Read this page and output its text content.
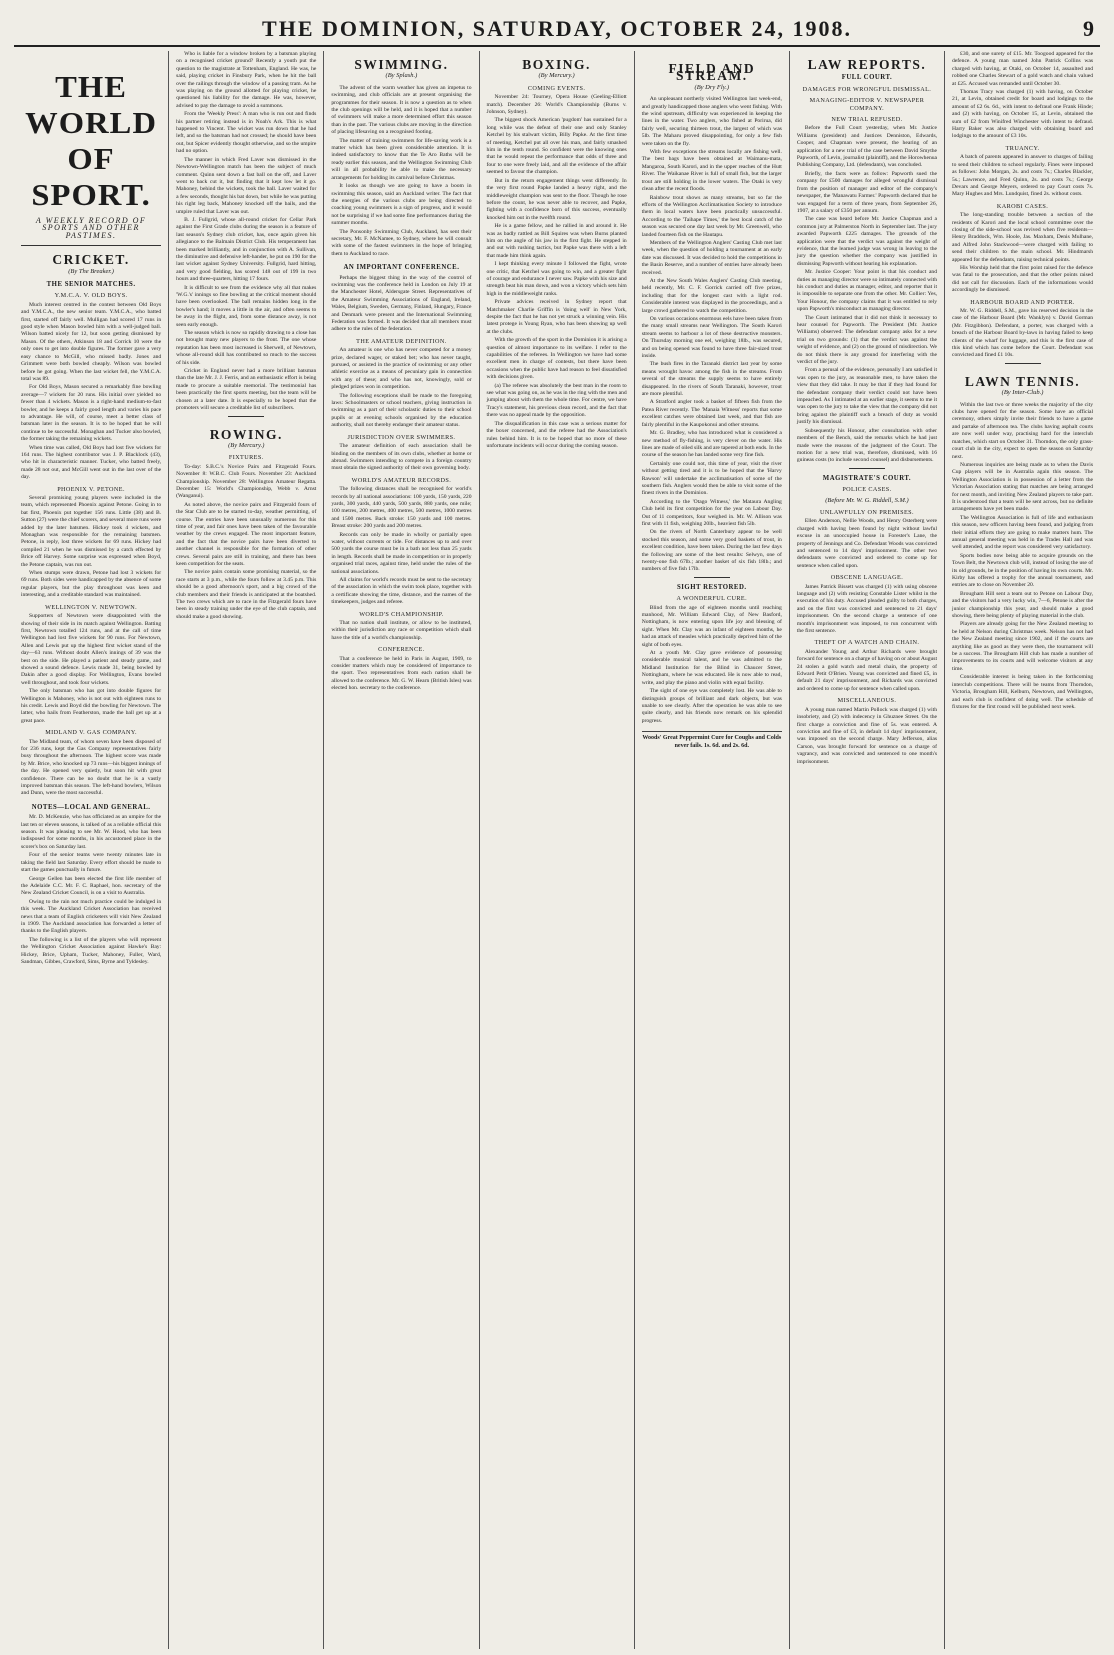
THE DOMINION, SATURDAY, OCTOBER 24, 1908.	9
THE WORLD OF SPORT.
A WEEKLY RECORD OF SPORTS AND OTHER PASTIMES.
CRICKET.
(By The Breaker.)
THE SENIOR MATCHES.
Y.M.C.A. V. OLD BOYS.

Much interest centred in the contest between Old Boys and Y.M.C.A., the new senior team. Y.M.C.A., who batted first, started off fairly well. Mulligan had scored 17 runs in good style when Mason bowled him with a well-judged ball. Wilson batted nicely for 12, but soon getting dismissed by Mason. Of the others, Atkinson 18 and Corrick 10 were the only ones to get into double figures. The former gave a very easy chance to McGill, who missed badly. Jones and Grimmett were both bowled cheaply. Wilson was bowled before he got going. When the last wicket fell, the Y.M.C.A. total was 89.

For Old Boys, Mason secured a remarkably fine bowling average—7 wickets for 20 runs. His initial over yielded no fewer than 4 wickets. Mason is a right-hand medium-to-fast bowler, and he keeps a fairly good length and varies his pace to advantage. He will, of course, meet a better class of batsman later in the season. It is to be hoped that he will continue to be successful. Monaghan and Tucker also bowled, the former taking the remaining wickets.

When time was called, Old Boys had lost five wickets for 164 runs. The highest contributor was J. P. Blacklock (43), who hit in characteristic manner. Tucker, who batted freely, made 28 not out, and McGill went out in the last over of the day.

PHOENIX V. PETONE.

Several promising young players were included in the team, which represented Phoenix against Petone. Going in to bat first, Phoenix put together 156 runs. Little (38) and B. Sutton (27) were the chief scorers, and several more runs were added by the later batsmen. Hickey took 4 wickets, and Monaghan was responsible for the remaining batsmen. Petone, in reply, lost three wickets for 69 runs. Hickey had compiled 21 when he was dismissed by a catch effected by Brice off Harvey. Some surprise was expressed when Boyd, the Petone captain, was run out.

When stumps were drawn, Petone had lost 3 wickets for 69 runs. Both sides were handicapped by the absence of some regular players, but the play throughout was keen and interesting, and a creditable standard was maintained.

WELLINGTON V. NEWTOWN.

Supporters of Newtown were disappointed with the showing of their side in its match against Wellington. Batting first, Newtown totalled 124 runs, and at the call of time Wellington had lost five wickets for 90 runs. For Newtown, Allen and Lewis put up the highest first wicket stand of the day—63 runs. Without doubt Allen's innings of 39 was the best on the side. He played a patient and steady game, and showed a sound defence. Lewis made 31, being bowled by Dakin after a good display. For Wellington, Evans bowled well throughout, and took four wickets.

The only batsman who has got into double figures for Wellington is Mahoney, who is not out with eighteen runs to his credit. Lewis and Boyd did the bowling for Newtown. The latter, who hails from Featherston, made the ball get up at a great pace.

MIDLAND V. GAS COMPANY.

The Midland team, of whom seven have been disposed of for 236 runs, kept the Gas Company representatives fairly busy throughout the afternoon. The highest score was made by Mr. Brice, who knocked up 73 runs—his biggest innings of the day. He opened very quietly, but soon hit with great confidence. There can be no doubt that he is a vastly improved batsman this season. The left-hand bowlers, Wilson and Dunn, were the most successful.

NOTES—LOCAL AND GENERAL.

Mr. D. McKenzie, who has officiated as an umpire for the last ten or eleven seasons, is talked of as a reliable official this season. It was pleasing to see Mr. W. Hood, who has been indisposed for some months, in his accustomed place in the scorer's box on Saturday last.

Four of the senior teams were twenty minutes late in taking the field last Saturday. Every effort should be made to start the games punctually in future.

George Gellen has been elected the first life member of the Adelaide C.C. Mr. F. C. Raphael, hon. secretary of the New Zealand Cricket Council, is on a visit to Australia.

Owing to the rain not much practice could be indulged in this week. The Auckland Cricket Association has received news that a team of English cricketers will visit New Zealand in 1909. The Auckland association has forwarded a letter of thanks to the English players.

The following is a list of the players who will represent the Wellington Cricket Association against Hawke's Bay: Hickey, Brice, Upham, Tucker, Mahoney, Fuller, Ward, Sandman, Gibbes, Crawford, Sims, Byrne and Tyldesley.

Who is liable for a window broken by a batsman playing on a recognised cricket ground? Recently a youth put the question to the magistrate at Tottenham, England. He was, he said, playing cricket in Finsbury Park, when he hit the ball over the railings through the window of a passing tram. As he was playing on the ground allotted for playing cricket, he questioned his liability for the damage. He was, however, advised to pay the damage to avoid a summons.

From the 'Weekly Press': A man who is run out and finds his partner retiring instead is in Noah's Ark. This is what happened to Vincent. The wicket was run down that he had left, and so the batsman had not crossed; he should have been out, but Spicer evidently thought otherwise, and so the umpire had no option.

The manner in which Fred Laver was dismissed in the Newtown-Wellington match has been the subject of much comment. Quinn sent down a fast ball on the off, and Laver went to back cut it, but finding that it kept low let it go. Mahoney, behind the wickets, took the ball. Laver waited for a few seconds, thought his bat down, but while he was putting his right leg back, Mahoney knocked off the bails, and the umpire ruled that Laver was out.

B. J. Fullgrid, whose all-round cricket for Cellar Park against the First Grade clubs during the season is a feature of last season's Sydney club cricket, has, once again given his allegiance to the Balmain District Club. His temperament has been marked brilliantly, and in conjunction with A. Sullivan, the diminutive and defensive left-hander, he put on 190 for the last wicket against Sydney University. Fullgrid, hard hitting, and very good fielding, has scored 148 out of 199 in two hours and three-quarters, hitting 17 fours.

It is difficult to see from the evidence why all that makes 'W.G.'s' innings so fine bowling at the critical moment should have been overlooked. The ball remains hidden long in the bowler's hand; it moves a little in the air, and often seems to be away in the flight, and, from some distance away, is not seen early enough.

The season which is now so rapidly drawing to a close has not brought many new players to the front. The one whose reputation has been most increased is Sherwell, of Newtown, whose all-round skill has contributed so much to the success of his side.

Cricket in England never had a more brilliant batsman than the late Mr. J. J. Ferris, and an enthusiastic effort is being made to procure a suitable memorial. The testimonial has been practically the first sports meeting, but the team will be chosen at a later date. It is especially to be hoped that the promoters will secure a creditable list of subscribers.

ROWING.
(By Mercury.)
FIXTURES.

To-day: S.B.C.'s Novice Pairs and Fitzgerald Fours. November 8: W.B.C. Club Fours. November 23: Auckland Championship. November 28: Wellington Amateur Regatta. December 15: World's Championship, Webb v. Arnst (Wanganui).

As noted above, the novice pairs and Fitzgerald fours of the Star Club are to be started to-day, weather permitting, of course. The entries have been unusually numerous for this time of year, and fair ones have been taken of the favourable weather by the crews engaged. The most important feature, and the fact that the novice pairs have been diverted to another channel is responsible for the formation of other crews. Several pairs are still in training, and there has been keen competition for the seats.

The novice pairs contain some promising material, so the race starts at 3 p.m., while the fours follow at 3.45 p.m. This should be a good afternoon's sport, and a big crowd of the club members and their friends is anticipated at the boatshed. The two crews which are to race in the Fitzgerald fours have been in steady training under the eye of the club captain, and should make a good showing.

SWIMMING.
(By Splash.)

The advent of the warm weather has given an impetus to swimming, and club officials are at present organising the programmes for their season. It is now a question as to when the club openings will be held, and it is hoped that a number of swimmers will make a more determined effort this season than in the past. The various clubs are moving in the direction of placing lifesaving on a recognised footing.

The matter of training swimmers for life-saving work is a matter which has been given considerable attention. It is indeed satisfactory to know that the Te Aro Baths will be ready earlier this season, and the Wellington Swimming Club will in all probability be able to make the necessary arrangements for holding its carnival before Christmas.

It looks as though we are going to have a boom in swimming this season, said an Auckland writer. The fact that the energies of the various clubs are being directed to coaching young swimmers is a sign of progress, and it would not be surprising if we had some fine performances during the summer months.

The Ponsonby Swimming Club, Auckland, has sent their secretary, Mr. F. McNamee, to Sydney, where he will consult with some of the fastest swimmers in the hope of bringing them to Auckland to race.

AN IMPORTANT CONFERENCE.

Perhaps the biggest thing in the way of the control of swimming was the conference held in London on July 19 at the Manchester Hotel, Aldersgate Street. Representatives of the Amateur Swimming Associations of England, Ireland, Wales, Belgium, Sweden, Germany, Finland, Hungary, France and Denmark were present and the International Swimming Federation was formed. It was decided that all members must adhere to the rules of the federation.

THE AMATEUR DEFINITION.

An amateur is one who has never competed for a money prize, declared wager, or staked bet; who has never taught, pursued, or assisted in the practice of swimming or any other athletic exercise as a means of pecuniary gain in connection with any of these; and who has not, knowingly, sold or pledged prizes won in competition.

The following exceptions shall be made to the foregoing laws: Schoolmasters or school teachers, giving instruction in swimming as a part of their scholastic duties to their school pupils or at evening schools organised by the education authority, shall not thereby endanger their amateur status.

JURISDICTION OVER SWIMMERS.

The amateur definition of each association shall be binding on the members of its own clubs, whether at home or abroad. Swimmers intending to compete in a foreign country must obtain the signed authority of their own governing body.

WORLD'S AMATEUR RECORDS.

The following distances shall be recognised for world's records by all national associations: 100 yards, 150 yards, 220 yards, 300 yards, 440 yards, 500 yards, 880 yards, one mile; 100 metres, 200 metres, 400 metres, 500 metres, 1000 metres and 1500 metres. Back stroke: 150 yards and 100 metres. Breast stroke: 200 yards and 200 metres.

Records can only be made in wholly or partially open water, without currents or tide. For distances up to and over 500 yards the course must be in a bath not less than 25 yards in length. Records shall be made in competition or in properly organised trial races, against time, held under the rules of the national associations.

All claims for world's records must be sent to the secretary of the association in which the swim took place, together with a certificate showing the time, distance, and the names of the timekeepers, judges and referee.

WORLD'S CHAMPIONSHIP.

That no nation shall institute, or allow to be instituted, within their jurisdiction any race or competition which shall have the title of a world's championship.

CONFERENCE.

That a conference be held in Paris in August, 1909, to consider matters which may be considered of importance to the sport. Two representatives from each nation shall be allowed to the conference. Mr. G. W. Hearn (British Isles) was elected hon. secretary to the conference.

BOXING.
(By Mercury.)
COMING EVENTS.

November 24: Tourney, Opera House (Geeling-Elliott match). December 26: World's Championship (Burns v. Johnson, Sydney).

The biggest shock American 'pugdom' has sustained for a long while was the defeat of their one and only Stanley Ketchel by his stalwart victim, Billy Papke. At the first time of meeting, Ketchel put all over his man, and fairly smashed him in the tenth round. So confident were the knowing ones that he would repeat the performance that odds of three and four to one were freely laid, and all the evidence of the affair seemed to favour the champion.

But in the return engagement things went differently. In the very first round Papke landed a heavy right, and the middleweight champion was sent to the floor. Though he rose before the count, he was never able to recover, and Papke, fighting with a confidence born of this success, eventually knocked him out in the twelfth round.

He is a game fellow, and he rallied in and around it. He was as badly rattled as Bill Squires was when Burns planted him on the angle of his jaw in the first fight. He stepped in and out with rushing tactics, but Papke was there with a left that made him think again.

I kept thinking every minute I followed the fight, wrote one critic, that Ketchel was going to win, and a greater fight of courage and endurance I never saw. Papke with his size and strength beat his man down, and won a victory which sets him high in the middleweight ranks.

Private advices received in Sydney report that Matchmaker Charlie Griffin is 'doing well' in New York, despite the fact that he has not yet struck a winning vein. His latest protege is Young Ryan, who has been showing up well at the clubs.

With the growth of the sport in the Dominion it is arising a question of almost importance to its welfare. I refer to the capabilities of the referees. In Wellington we have had some excellent men in charge of contests, but there have been occasions when the public have had reason to feel dissatisfied with decisions given.

(a) The referee was absolutely the best man in the room to see what was going on, as he was in the ring with the men and jumping about with them the whole time. For centre, we have Tracy's statement, his previous clean record, and the fact that there was no appeal made by the opposition.

The disqualification in this case was a serious matter for the boxer concerned, and the referee had the Association's rules behind him. It is to be hoped that no more of these unfortunate incidents will occur during the coming season.

FIELD AND STREAM.
(By Dry Fly.)

An unpleasant northerly visited Wellington last week-end, and greatly handicapped those anglers who went fishing. With the wind upstream, difficulty was experienced in keeping the lines in the water. Two anglers, who fished at Porirua, did fairly well, securing thirteen trout, the largest of which was 5lb. The Maharu proved disappointing, for only a few fish were taken on the fly.

With few exceptions the streams locally are fishing well. The best bags have been obtained at Waimanu-mata, Mangaroa, South Karori, and in the upper reaches of the Hutt River. The Waikanae River is full of small fish, but the larger trout are still holding in the lower waters. The Otaki is very clean after the recent floods.

Rainbow trout shows as many streams, but so far the efforts of the Wellington Acclimatisation Society to introduce them in local waters have been practically unsuccessful. According to the 'Taihape Times,' the best local catch of the season was secured one day last week by Mr. Greenwell, who landed fourteen fish on the Hautapu.

Members of the Wellington Anglers' Casting Club met last week, when the question of holding a tournament at an early date was discussed. It was decided to hold the competitions in the Basin Reserve, and a number of entries have already been received.

At the New South Wales Anglers' Casting Club meeting, held recently, Mr. C. F. Gorrick carried off five prizes, including that for the longest cast with a light rod. Considerable interest was displayed in the proceedings, and a large crowd gathered to watch the competition.

On various occasions enormous eels have been taken from the many small streams near Wellington. The South Karori stream seems to harbour a lot of these destructive monsters. On Thursday morning one eel, weighing 18lb., was secured, and on being opened was found to have three fair-sized trout inside.

The bush fires in the Taranaki district last year by some means wrought havoc among the fish in the streams. From several of the streams the supply seems to have entirely disappeared. In the rivers of South Taranaki, however, trout are more plentiful.

A Stratford angler took a basket of fifteen fish from the Patea River recently. The 'Manaia Witness' reports that some excellent catches were obtained last week, and that fish are fairly plentiful in the Kaupokonui and other streams.

Mr. G. Bradley, who has introduced what is considered a new method of fly-fishing, is very clever on the water. His lines are made of oiled silk and are tapered at both ends. In the course of the season he has landed some very fine fish.

Certainly one could not, this time of year, visit the river without getting tired and it is to be hoped that the 'Harvy Rawson' will undertake the acclimatisation of some of the southern fish. Anglers would then be able to visit some of the finest rivers in the Dominion.

According to the 'Otago Witness,' the Mataura Angling Club held its first competition for the year on Labour Day. Out of 11 competitors, four weighed in. Mr. W. Allison was first with 11 fish, weighing 20lb., heaviest fish 5lb.

On the rivers of North Canterbury appear to be well stocked this season, and some very good baskets of trout, in excellent condition, have been taken. During the last few days the following are some of the best results: Selwyn, one of twenty-one fish 67lb.; another basket of six fish 18lb.; and numbers of five fish 17lb.

SIGHT RESTORED.
A WONDERFUL CURE.

Blind from the age of eighteen months until reaching manhood, Mr. William Edward Clay, of New Basford, Nottingham, is now entering upon life joy and blessing of sight. When Mr. Clay was an infant of eighteen months, he had an attack of measles which practically deprived him of the sight of both eyes.

At a youth Mr. Clay gave evidence of possessing considerable musical talent, and he was admitted to the Midland Institution for the Blind in Chaucer Street, Nottingham, where he was educated. He is now able to read, write, and play the piano and violin with equal facility.

The sight of one eye was completely lost. He was able to distinguish groups of brilliant and dark objects, but was unable to see clearly. After the operation he was able to see quite clearly, and his friends now remark on his splendid progress.

Woods' Great Peppermint Cure for Coughs and Colds never fails. 1s. 6d. and 2s. 6d.
LAW REPORTS.
FULL COURT.
DAMAGES FOR WRONGFUL DISMISSAL.
MANAGING-EDITOR V. NEWSPAPER COMPANY.
NEW TRIAL REFUSED.

Before the Full Court yesterday, when Mr. Justice Williams (president) and Justices Denniston, Edwards, Cooper, and Chapman were present, the hearing of an application for a new trial of the case between David Smythe Papworth, of Levin, journalist (plaintiff), and the Horowhenua Publishing Company, Ltd. (defendants), was concluded.

Briefly, the facts were as follow: Papworth sued the company for £500 damages for alleged wrongful dismissal from the position of manager and editor of the company's newspaper, the 'Manawatu Farmer.' Papworth declared that he was engaged for a term of three years, from September 26, 1907, at a salary of £350 per annum.

The case was heard before Mr. Justice Chapman and a common jury at Palmerston North in September last. The jury awarded Papworth £225 damages. The grounds of the application were that the verdict was against the weight of evidence, that the learned judge was wrong in leaving to the jury the question whether the company was justified in dismissing Papworth without hearing his explanation.

Mr. Justice Cooper: Your point is that his conduct and duties as managing director were so intimately connected with his conduct and duties as manager, editor, and reporter that it is impossible to separate one from the other. Mr. Collier: Yes, Your Honour, the company claims that it was entitled to rely upon Papworth's misconduct as managing director.

The Court intimated that it did not think it necessary to hear counsel for Papworth. The President (Mr. Justice Williams) observed: The defendant company asks for a new trial on two grounds: (1) that the verdict was against the weight of evidence, and (2) on the ground of misdirection. We do not think there is any ground for interfering with the verdict of the jury.

From a perusal of the evidence, personally I am satisfied it was open to the jury, as reasonable men, to have taken the view that they did take. It may be that if they had found for the defendant company their verdict could not have been impeached. As I intimated at an earlier stage, it seems to me it was open to the jury to take the view that the company did not bring against the plaintiff such a breach of duty as would justify his dismissal.

Subsequently his Honour, after consultation with other members of the Bench, said the remarks which he had just made were the reasons of the judgment of the Court. The motion for a new trial was, therefore, dismissed, with 16 guineas costs (to include second counsel) and disbursements.

MAGISTRATE'S COURT.
POLICE CASES.
(Before Mr. W. G. Riddell, S.M.)
UNLAWFULLY ON PREMISES.

Ellen Anderson, Nellie Woods, and Henry Osterberg were charged with having been found by night without lawful excuse in an unoccupied house in Forester's Lane, the property of Jennings and Co. Defendant Woods was convicted and sentenced to 14 days' imprisonment. The other two defendants were convicted and ordered to come up for sentence when called upon.

OBSCENE LANGUAGE.

James Patrick Bissett was charged (1) with using obscene language and (2) with resisting Constable Lister whilst in the execution of his duty. Accused pleaded guilty to both charges, and on the first was convicted and sentenced to 21 days' imprisonment. On the second charge a sentence of one month's imprisonment was imposed, to run concurrent with the first sentence.

THEFT OF A WATCH AND CHAIN.

Alexander Young and Arthur Richards were brought forward for sentence on a charge of having on or about August 24 stolen a gold watch and metal chain, the property of Edward Petit O'Brien. Young was convicted and fined £5, in default 21 days' imprisonment, and Richards was convicted and ordered to come up for sentence when called upon.

MISCELLANEOUS.

A young man named Martin Pollock was charged (1) with insobriety, and (2) with indecency in Ghuznee Street. On the first charge a conviction and fine of 5s. was entered. A conviction and fine of £3, in default 14 days' imprisonment, was imposed on the second charge. Mary Jefferson, alias Carson, was brought forward for sentence on a charge of vagrancy, and was convicted and sentenced to one month's imprisonment.

£30, and one surety of £15. Mr. Toogood appeared for the defence. A young man named John Patrick Collins was charged with having, at Otaki, on October 14, assaulted and robbed one Charles Stewart of a gold watch and chain valued at £25. Accused was remanded until October 30.

Thomas Tracy was charged (1) with having, on October 21, at Levin, obtained credit for board and lodgings to the amount of £2 6s. 6d., with intent to defraud one Frank Hinde; and (2) with having, on October 15, at Levin, obtained the sum of £2 from Winifred Winchester with intent to defraud. Harry Baker was also charged with obtaining board and lodgings to the amount of £3 10s.

TRUANCY.

A batch of parents appeared in answer to charges of failing to send their children to school regularly. Fines were imposed as follows: John Morgan, 2s. and costs 7s.; Charles Blackler, 5s.; Lawrence, and Fred Quinn, 2s. and costs 7s.; George Devars and George Meyers, ordered to pay Court costs 7s. Mary Hughes and Mrs. Lundquist, fined 2s. without costs.

KAROBI CASES.

The long-standing trouble between a section of the residents of Karori and the local school committee over the closing of the side-school was revived when five residents—Henry Braddock, Wm. Hoole, Jas. Maxham, Denis Mulhane, and Alfred John Stackwood—were charged with failing to send their children to the main school. Mr. Hindmarsh appeared for the defendants, raising technical points.

His Worship held that the first point raised for the defence was fatal to the prosecution, and that the other points raised did not call for discussion. Each of the informations would accordingly be dismissed.

HARBOUR BOARD AND PORTER.

Mr. W. G. Riddell, S.M., gave his reserved decision in the case of the Harbour Board (Mr. Wanklyn) v. David Gorman (Mr. Fitzgibbon). Defendant, a porter, was charged with a breach of the Harbour Board by-laws in having failed to keep clients of the wharf for luggage, and this is the first case of this kind which has come before the Court. Defendant was convicted and fined £1 10s.

LAWN TENNIS.
(By Inter-Club.)

Within the last two or three weeks the majority of the city clubs have opened for the season. Some have an official ceremony, others simply invite their friends to have a game and partake of afternoon tea. The clubs having asphalt courts are now well under way, practising hard for the interclub matches, which start on October 31. Thorndon, the only grass-court club in the city, expect to open the season on Saturday next.

Numerous inquiries are being made as to when the Davis Cup players will be in Australia again this season. The Wellington Association is in possession of a letter from the Victorian Association stating that matches are being arranged for next month, and inviting New Zealand players to take part. It is understood that a team will be sent across, but no definite arrangements have yet been made.

The Wellington Association is full of life and enthusiasm this season, new officers having been found, and judging from their initial efforts they are going to make matters hum. The annual general meeting was held in the Trades Hall and was well attended, and the report was considered very satisfactory.

Sports bodies now being able to acquire grounds on the Town Belt, the Newtown club will, instead of losing the use of its old grounds, be in the position of having its own courts. Mr. Kirby has offered a trophy for the annual tournament, and entries are to close on November 20.

Brougham Hill sent a team out to Petone on Labour Day, and the visitors had a very lucky win, 7—6, Petone is after the junior championship this year, and should make a good showing, there being plenty of playing material in the club.

Players are already going for the New Zealand meeting to be held at Nelson during Christmas week. Nelson has not had the New Zealand meeting since 1902, and if the courts are anything like as good as they were then, the tournament will be a success. The Brougham Hill club has made a number of improvements to its courts and will welcome visitors at any time.

Considerable interest is being taken in the forthcoming interclub competitions. There will be teams from Thorndon, Victoria, Brougham Hill, Kelburn, Newtown, and Wellington, and each club is confident of doing well. The schedule of fixtures for the first round will be published next week.
